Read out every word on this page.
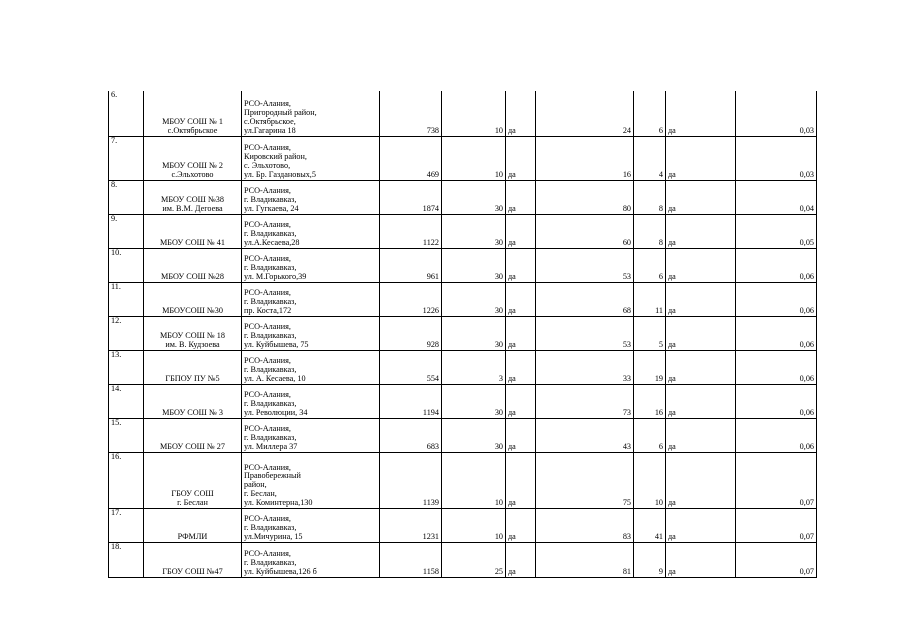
6.	МБОУ СОШ № 1
с.Октябрьское	РСО-Алания,
Пригородный район,
с.Октябрьское,
ул.Гагарина 18	738	10	да	24	6	да	0,03
7.	МБОУ СОШ № 2
с.Эльхотово	РСО-Алания,
Кировский район,
с. Эльхотово,
ул. Бр. Газдановых,5	469	10	да	16	4	да	0,03
8.	МБОУ СОШ №38
им. В.М. Дегоева	РСО-Алания,
г. Владикавказ,
ул. Гугкаева, 24	1874	30	да	80	8	да	0,04
9.	МБОУ СОШ № 41	РСО-Алания,
г. Владикавказ,
ул.А.Кесаева,28	1122	30	да	60	8	да	0,05
10.	МБОУ СОШ №28	РСО-Алания,
г. Владикавказ,
ул. М.Горького,39	961	30	да	53	6	да	0,06
11.	МБОУСОШ №30	РСО-Алания,
г. Владикавказ,
пр. Коста,172	1226	30	да	68	11	да	0,06
12.	МБОУ СОШ № 18
им. В. Кудзоева	РСО-Алания,
г. Владикавказ,
ул. Куйбышева, 75	928	30	да	53	5	да	0,06
13.	ГБПОУ ПУ №5	РСО-Алания,
г. Владикавказ,
ул. А. Кесаева, 10	554	3	да	33	19	да	0,06
14.	МБОУ СОШ № 3	РСО-Алания,
г. Владикавказ,
ул. Революции, 34	1194	30	да	73	16	да	0,06
15.	МБОУ СОШ № 27	РСО-Алания,
г. Владикавказ,
ул. Миллера 37	683	30	да	43	6	да	0,06
16.	ГБОУ СОШ
г. Беслан	РСО-Алания,
Правобережный
район,
г. Беслан,
ул. Коминтерна,130	1139	10	да	75	10	да	0,07
17.	РФМЛИ	РСО-Алания,
г. Владикавказ,
ул.Мичурина, 15	1231	10	да	83	41	да	0,07
18.	ГБОУ СОШ №47	РСО-Алания,
г. Владикавказ,
ул. Куйбышева,126 б	1158	25	да	81	9	да	0,07
